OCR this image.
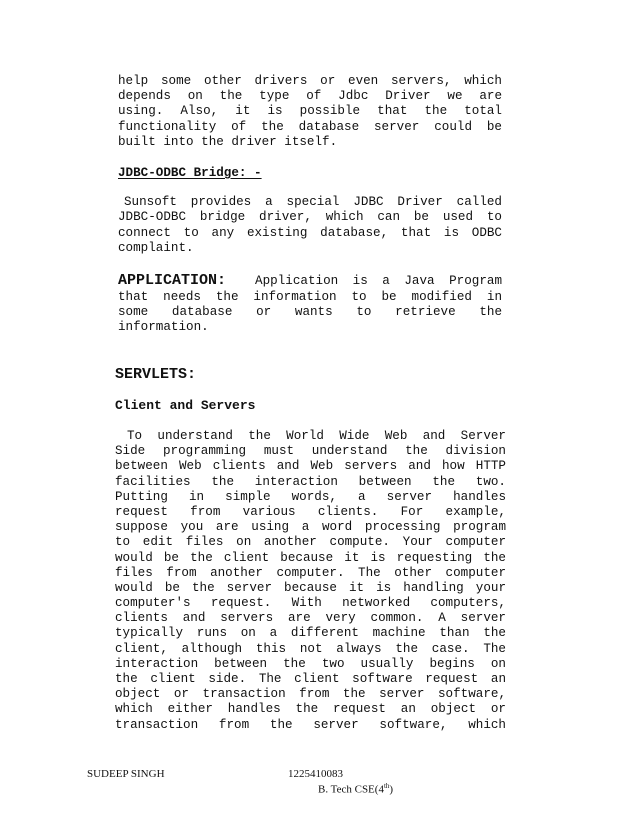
help some other drivers or even servers, which
depends on the type of Jdbc Driver we are
using. Also, it is possible that the total
functionality of the database server could be
built into the driver itself.
JDBC-ODBC Bridge: -
Sunsoft provides a special JDBC Driver called
JDBC-ODBC bridge driver, which can be used to
connect to any existing database, that is ODBC
complaint.
APPLICATION: Application is a Java Program
that needs the information to be modified in
some database or wants to retrieve the
information.
SERVLETS:
Client and Servers
To understand the World Wide Web and Server
Side programming must understand the division
between Web clients and Web servers and how HTTP
facilities the interaction between the two.
Putting in simple words, a server handles
request from various clients. For example,
suppose you are using a word processing program
to edit files on another compute. Your computer
would be the client because it is requesting the
files from another computer. The other computer
would be the server because it is handling your
computer's request. With networked computers,
clients and servers are very common. A server
typically runs on a different machine than the
client, although this not always the case. The
interaction between the two usually begins on
the client side. The client software request an
object or transaction from the server software,
which either handles the request an object or
transaction from the server software, which
SUDEEP SINGH	1225410083
B. Tech CSE(4th)
